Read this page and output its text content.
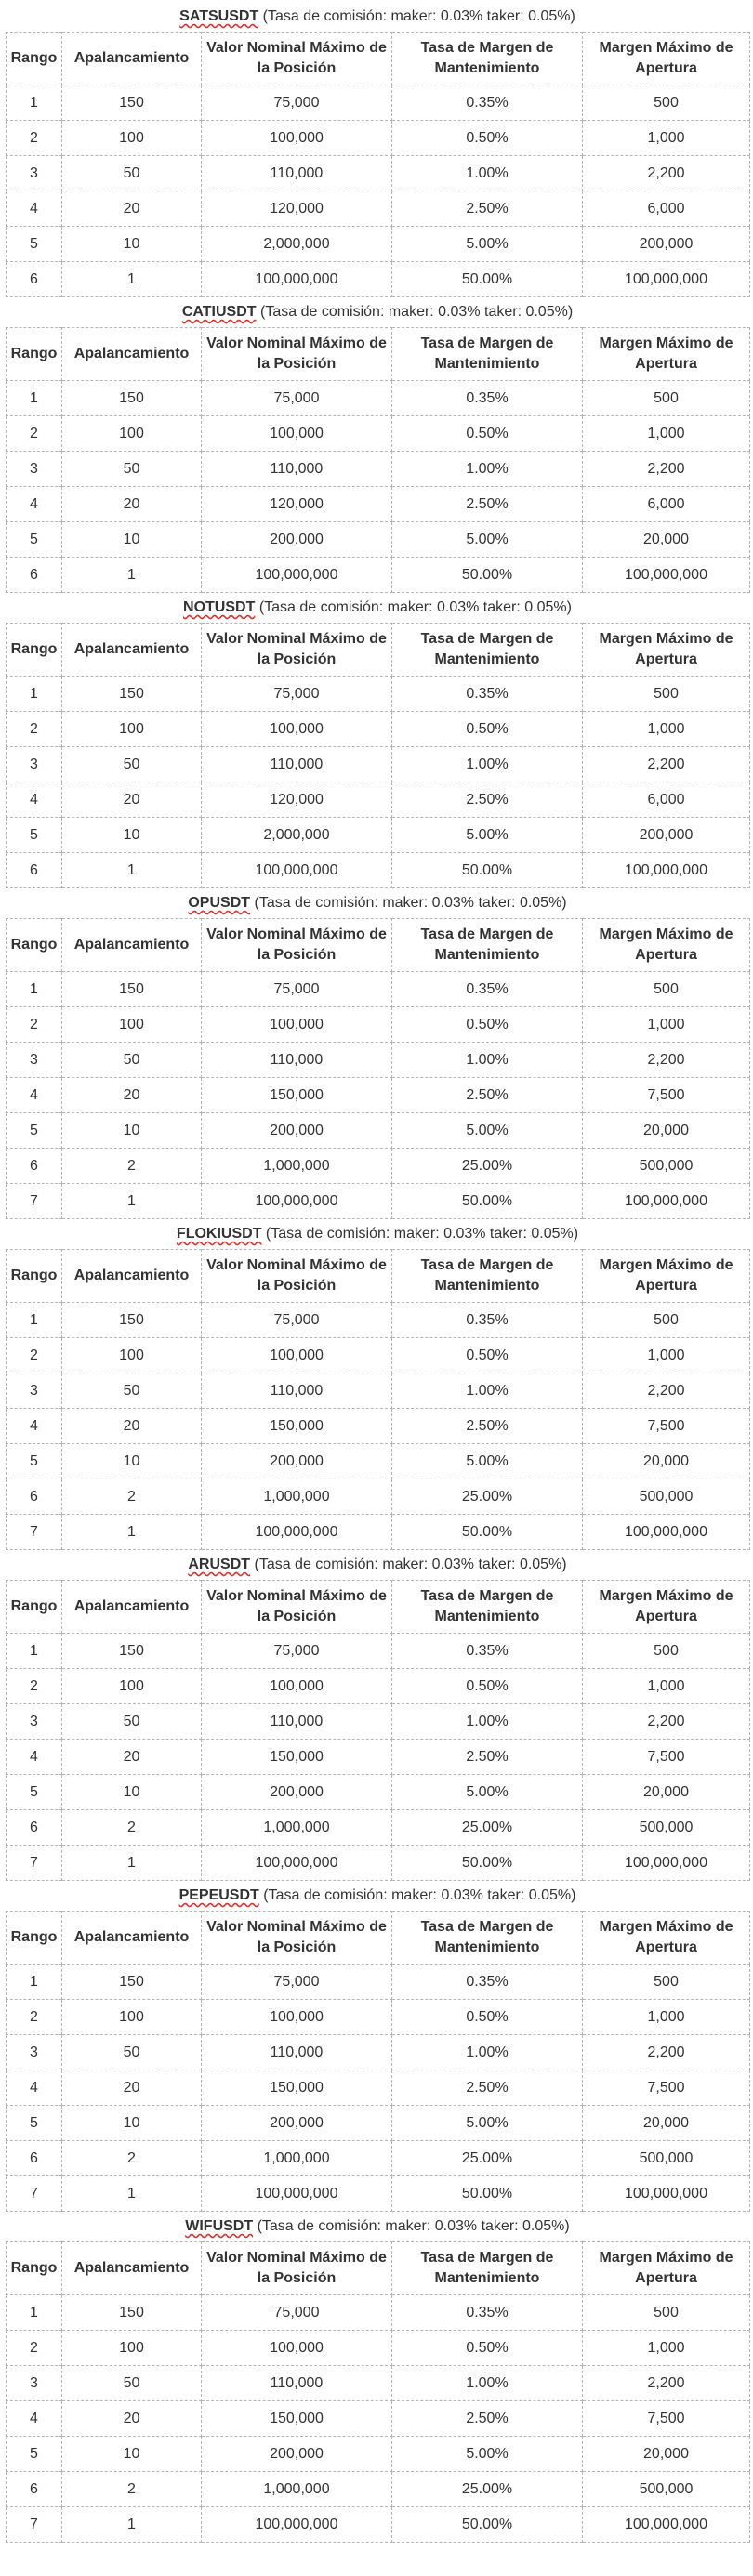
SATSUSDT (Tasa de comisión: maker: 0.03% taker: 0.05%)
Rango	Apalancamiento	Valor Nominal Máximo de la Posición	Tasa de Margen de Mantenimiento	Margen Máximo de Apertura
1	150	75,000	0.35%	500
2	100	100,000	0.50%	1,000
3	50	110,000	1.00%	2,200
4	20	120,000	2.50%	6,000
5	10	2,000,000	5.00%	200,000
6	1	100,000,000	50.00%	100,000,000
CATIUSDT (Tasa de comisión: maker: 0.03% taker: 0.05%)
Rango	Apalancamiento	Valor Nominal Máximo de la Posición	Tasa de Margen de Mantenimiento	Margen Máximo de Apertura
1	150	75,000	0.35%	500
2	100	100,000	0.50%	1,000
3	50	110,000	1.00%	2,200
4	20	120,000	2.50%	6,000
5	10	200,000	5.00%	20,000
6	1	100,000,000	50.00%	100,000,000
NOTUSDT (Tasa de comisión: maker: 0.03% taker: 0.05%)
Rango	Apalancamiento	Valor Nominal Máximo de la Posición	Tasa de Margen de Mantenimiento	Margen Máximo de Apertura
1	150	75,000	0.35%	500
2	100	100,000	0.50%	1,000
3	50	110,000	1.00%	2,200
4	20	120,000	2.50%	6,000
5	10	2,000,000	5.00%	200,000
6	1	100,000,000	50.00%	100,000,000
OPUSDT (Tasa de comisión: maker: 0.03% taker: 0.05%)
Rango	Apalancamiento	Valor Nominal Máximo de la Posición	Tasa de Margen de Mantenimiento	Margen Máximo de Apertura
1	150	75,000	0.35%	500
2	100	100,000	0.50%	1,000
3	50	110,000	1.00%	2,200
4	20	150,000	2.50%	7,500
5	10	200,000	5.00%	20,000
6	2	1,000,000	25.00%	500,000
7	1	100,000,000	50.00%	100,000,000
FLOKIUSDT (Tasa de comisión: maker: 0.03% taker: 0.05%)
Rango	Apalancamiento	Valor Nominal Máximo de la Posición	Tasa de Margen de Mantenimiento	Margen Máximo de Apertura
1	150	75,000	0.35%	500
2	100	100,000	0.50%	1,000
3	50	110,000	1.00%	2,200
4	20	150,000	2.50%	7,500
5	10	200,000	5.00%	20,000
6	2	1,000,000	25.00%	500,000
7	1	100,000,000	50.00%	100,000,000
ARUSDT (Tasa de comisión: maker: 0.03% taker: 0.05%)
Rango	Apalancamiento	Valor Nominal Máximo de la Posición	Tasa de Margen de Mantenimiento	Margen Máximo de Apertura
1	150	75,000	0.35%	500
2	100	100,000	0.50%	1,000
3	50	110,000	1.00%	2,200
4	20	150,000	2.50%	7,500
5	10	200,000	5.00%	20,000
6	2	1,000,000	25.00%	500,000
7	1	100,000,000	50.00%	100,000,000
PEPEUSDT (Tasa de comisión: maker: 0.03% taker: 0.05%)
Rango	Apalancamiento	Valor Nominal Máximo de la Posición	Tasa de Margen de Mantenimiento	Margen Máximo de Apertura
1	150	75,000	0.35%	500
2	100	100,000	0.50%	1,000
3	50	110,000	1.00%	2,200
4	20	150,000	2.50%	7,500
5	10	200,000	5.00%	20,000
6	2	1,000,000	25.00%	500,000
7	1	100,000,000	50.00%	100,000,000
WIFUSDT (Tasa de comisión: maker: 0.03% taker: 0.05%)
Rango	Apalancamiento	Valor Nominal Máximo de la Posición	Tasa de Margen de Mantenimiento	Margen Máximo de Apertura
1	150	75,000	0.35%	500
2	100	100,000	0.50%	1,000
3	50	110,000	1.00%	2,200
4	20	150,000	2.50%	7,500
5	10	200,000	5.00%	20,000
6	2	1,000,000	25.00%	500,000
7	1	100,000,000	50.00%	100,000,000
